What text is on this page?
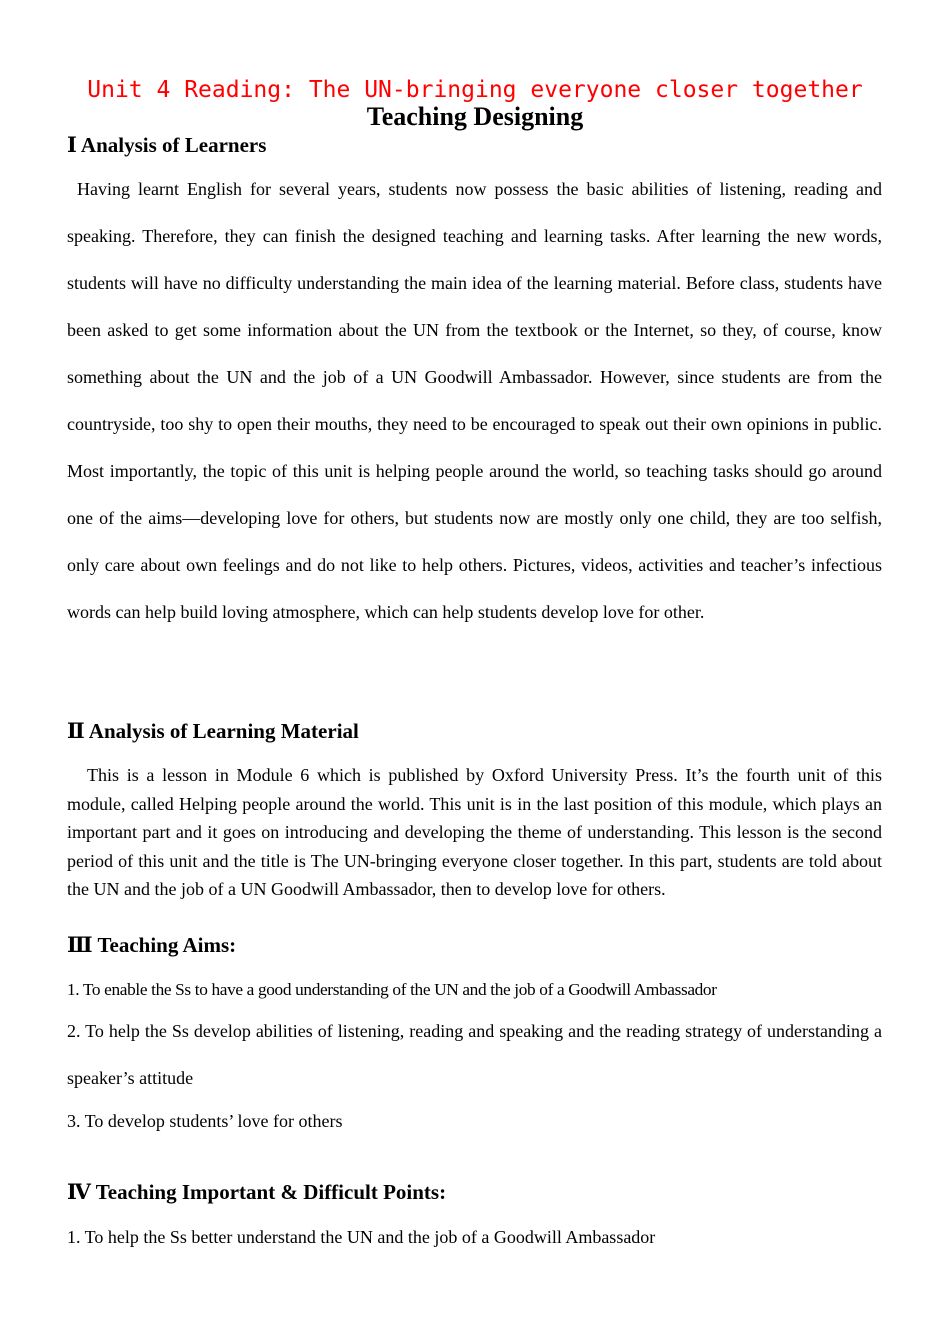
Unit 4 Reading: The UN-bringing everyone closer together
Teaching Designing
Ⅰ Analysis of Learners

Having learnt English for several years, students now possess the basic abilities of listening, reading and speaking. Therefore, they can finish the designed teaching and learning tasks. After learning the new words, students will have no difficulty understanding the main idea of the learning material. Before class, students have been asked to get some information about the UN from the textbook or the Internet, so they, of course, know something about the UN and the job of a UN Goodwill Ambassador. However, since students are from the countryside, too shy to open their mouths, they need to be encouraged to speak out their own opinions in public. Most importantly, the topic of this unit is helping people around the world, so teaching tasks should go around one of the aims—developing love for others, but students now are mostly only one child, they are too selfish, only care about own feelings and do not like to help others. Pictures, videos, activities and teacher’s infectious words can help build loving atmosphere, which can help students develop love for other.

Ⅱ Analysis of Learning Material

This is a lesson in Module 6 which is published by Oxford University Press. It’s the fourth unit of this module, called Helping people around the world. This unit is in the last position of this module, which plays an important part and it goes on introducing and developing the theme of understanding. This lesson is the second period of this unit and the title is The UN-bringing everyone closer together. In this part, students are told about the UN and the job of a UN Goodwill Ambassador, then to develop love for others.

Ⅲ Teaching Aims:

1. To enable the Ss to have a good understanding of the UN and the job of a Goodwill Ambassador

2. To help the Ss develop abilities of listening, reading and speaking and the reading strategy of understanding a speaker’s attitude

3. To develop students’ love for others

Ⅳ Teaching Important & Difficult Points:

1. To help the Ss better understand the UN and the job of a Goodwill Ambassador
